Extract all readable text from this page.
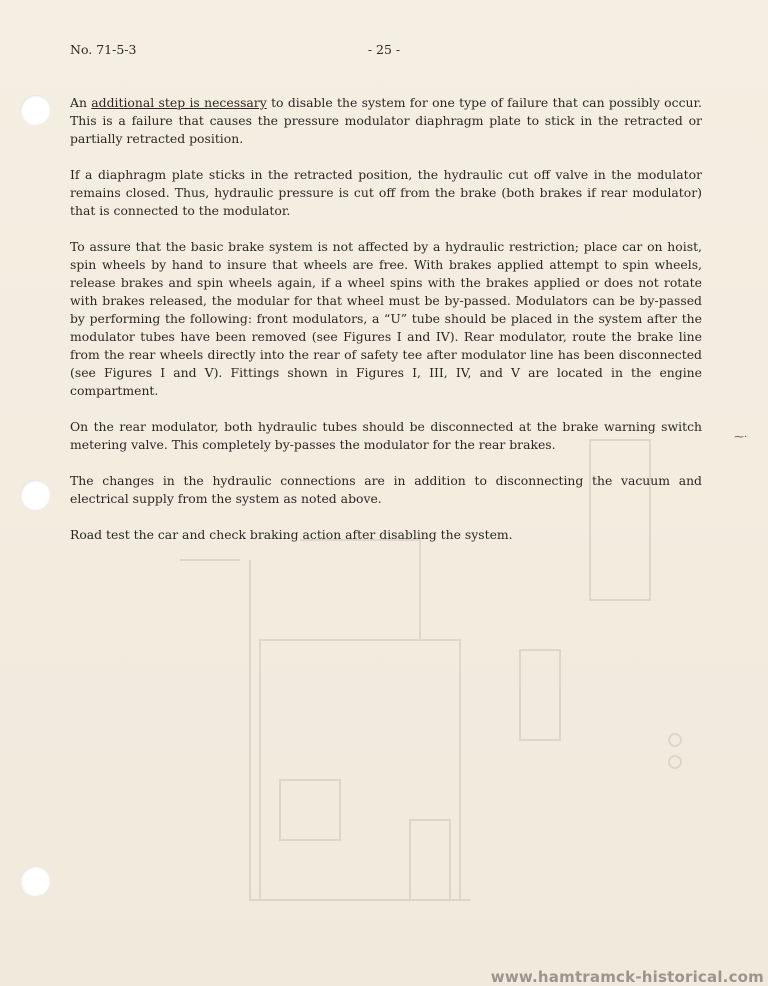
- 25 -
No. 71-5-3

An additional step is necessary to disable the system for one type of failure that can possibly occur. This is a failure that causes the pressure modulator diaphragm plate to stick in the retracted or partially retracted position.

If a diaphragm plate sticks in the retracted position, the hydraulic cut off valve in the modulator remains closed. Thus, hydraulic pressure is cut off from the brake (both brakes if rear modulator) that is connected to the modulator.

To assure that the basic brake system is not affected by a hydraulic restriction; place car on hoist, spin wheels by hand to insure that wheels are free. With brakes applied attempt to spin wheels, release brakes and spin wheels again, if a wheel spins with the brakes applied or does not rotate with brakes released, the modular for that wheel must be by-passed. Modulators can be by-passed by performing the following: front modulators, a “U” tube should be placed in the system after the modulator tubes have been removed (see Figures I and IV). Rear modulator, route the brake line from the rear wheels directly into the rear of safety tee after modulator line has been disconnected (see Figures I and V). Fittings shown in Figures I, III, IV, and V are located in the engine compartment.

On the rear modulator, both hydraulic tubes should be disconnected at the brake warning switch metering valve. This completely by-passes the modulator for the rear brakes.

The changes in the hydraulic connections are in addition to disconnecting the vacuum and electrical supply from the system as noted above.

Road test the car and check braking action after disabling the system.

⁓·
www.hamtramck-historical.com
